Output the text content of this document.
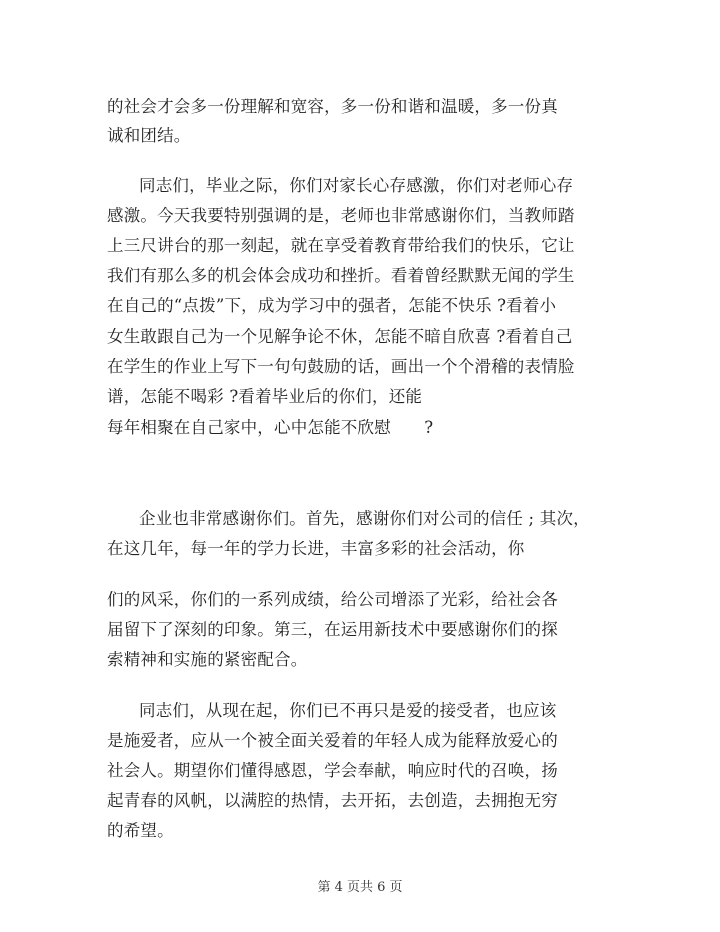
的社会才会多一份理解和宽容，多一份和谐和温暖，多一份真
诚和团结。
同志们，毕业之际，你们对家长心存感激，你们对老师心存
感激。今天我要特别强调的是，老师也非常感谢你们，当教师踏
上三尺讲台的那一刻起，就在享受着教育带给我们的快乐，它让
我们有那么多的机会体会成功和挫折。看着曾经默默无闻的学生
在自己的“点拨”下，成为学习中的强者，怎能不快乐 ?看着小
女生敢跟自己为一个见解争论不休，怎能不暗自欣喜 ?看着自己
在学生的作业上写下一句句鼓励的话，画出一个个滑稽的表情脸
谱，怎能不喝彩 ?看着毕业后的你们，还能
每年相聚在自己家中，心中怎能不欣慰　　?
企业也非常感谢你们。首先，感谢你们对公司的信任 ; 其次，
在这几年，每一年的学力长进，丰富多彩的社会活动，你
们的风采，你们的一系列成绩，给公司增添了光彩，给社会各
届留下了深刻的印象。第三，在运用新技术中要感谢你们的探
索精神和实施的紧密配合。
同志们，从现在起，你们已不再只是爱的接受者，也应该
是施爱者，应从一个被全面关爱着的年轻人成为能释放爱心的
社会人。期望你们懂得感恩，学会奉献，响应时代的召唤，扬
起青春的风帆，以满腔的热情，去开拓，去创造，去拥抱无穷
的希望。
第 4 页共 6 页
